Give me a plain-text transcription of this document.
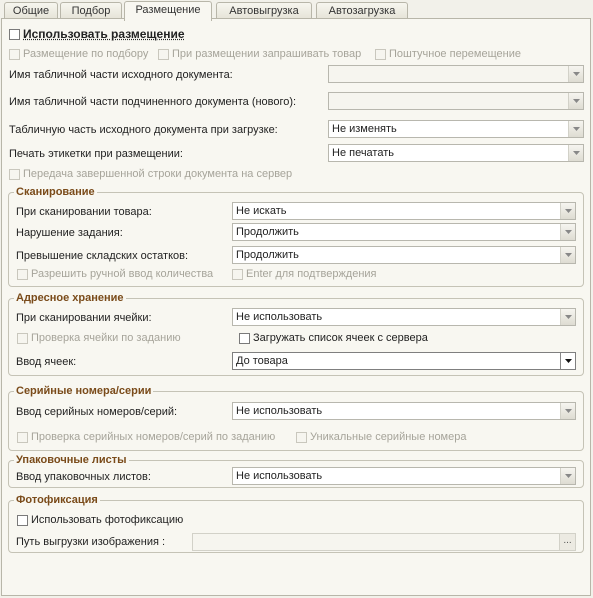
Общие	Подбор	Размещение	Автовыгрузка	Автозагрузка
Использовать размещение
Размещение по подбору При размещении запрашивать товар	Поштучное перемещение
Имя табличной части исходного документа:
Имя табличной части подчиненного документа (нового):
Табличную часть исходного документа при загрузке:	Не изменять
Печать этикетки при размещении:	Не печатать
Передача завершенной строки документа на сервер
Сканирование
При сканировании товара:	Не искать
Нарушение задания:	Продолжить
Превышение складских остатков:	Продолжить
Разрешить ручной ввод количества	Enter для подтверждения
Адресное хранение
При сканировании ячейки:	Не использовать
Проверка ячейки по заданию	Загружать список ячеек с сервера
Ввод ячеек:	До товара
Серийные номера/серии
Ввод серийных номеров/серий:	Не использовать
Проверка серийных номеров/серий по заданию	Уникальные серийные номера
Упаковочные листы
Ввод упаковочных листов:	Не использовать
Фотофиксация
Использовать фотофиксацию
Путь выгрузки изображения :	...
